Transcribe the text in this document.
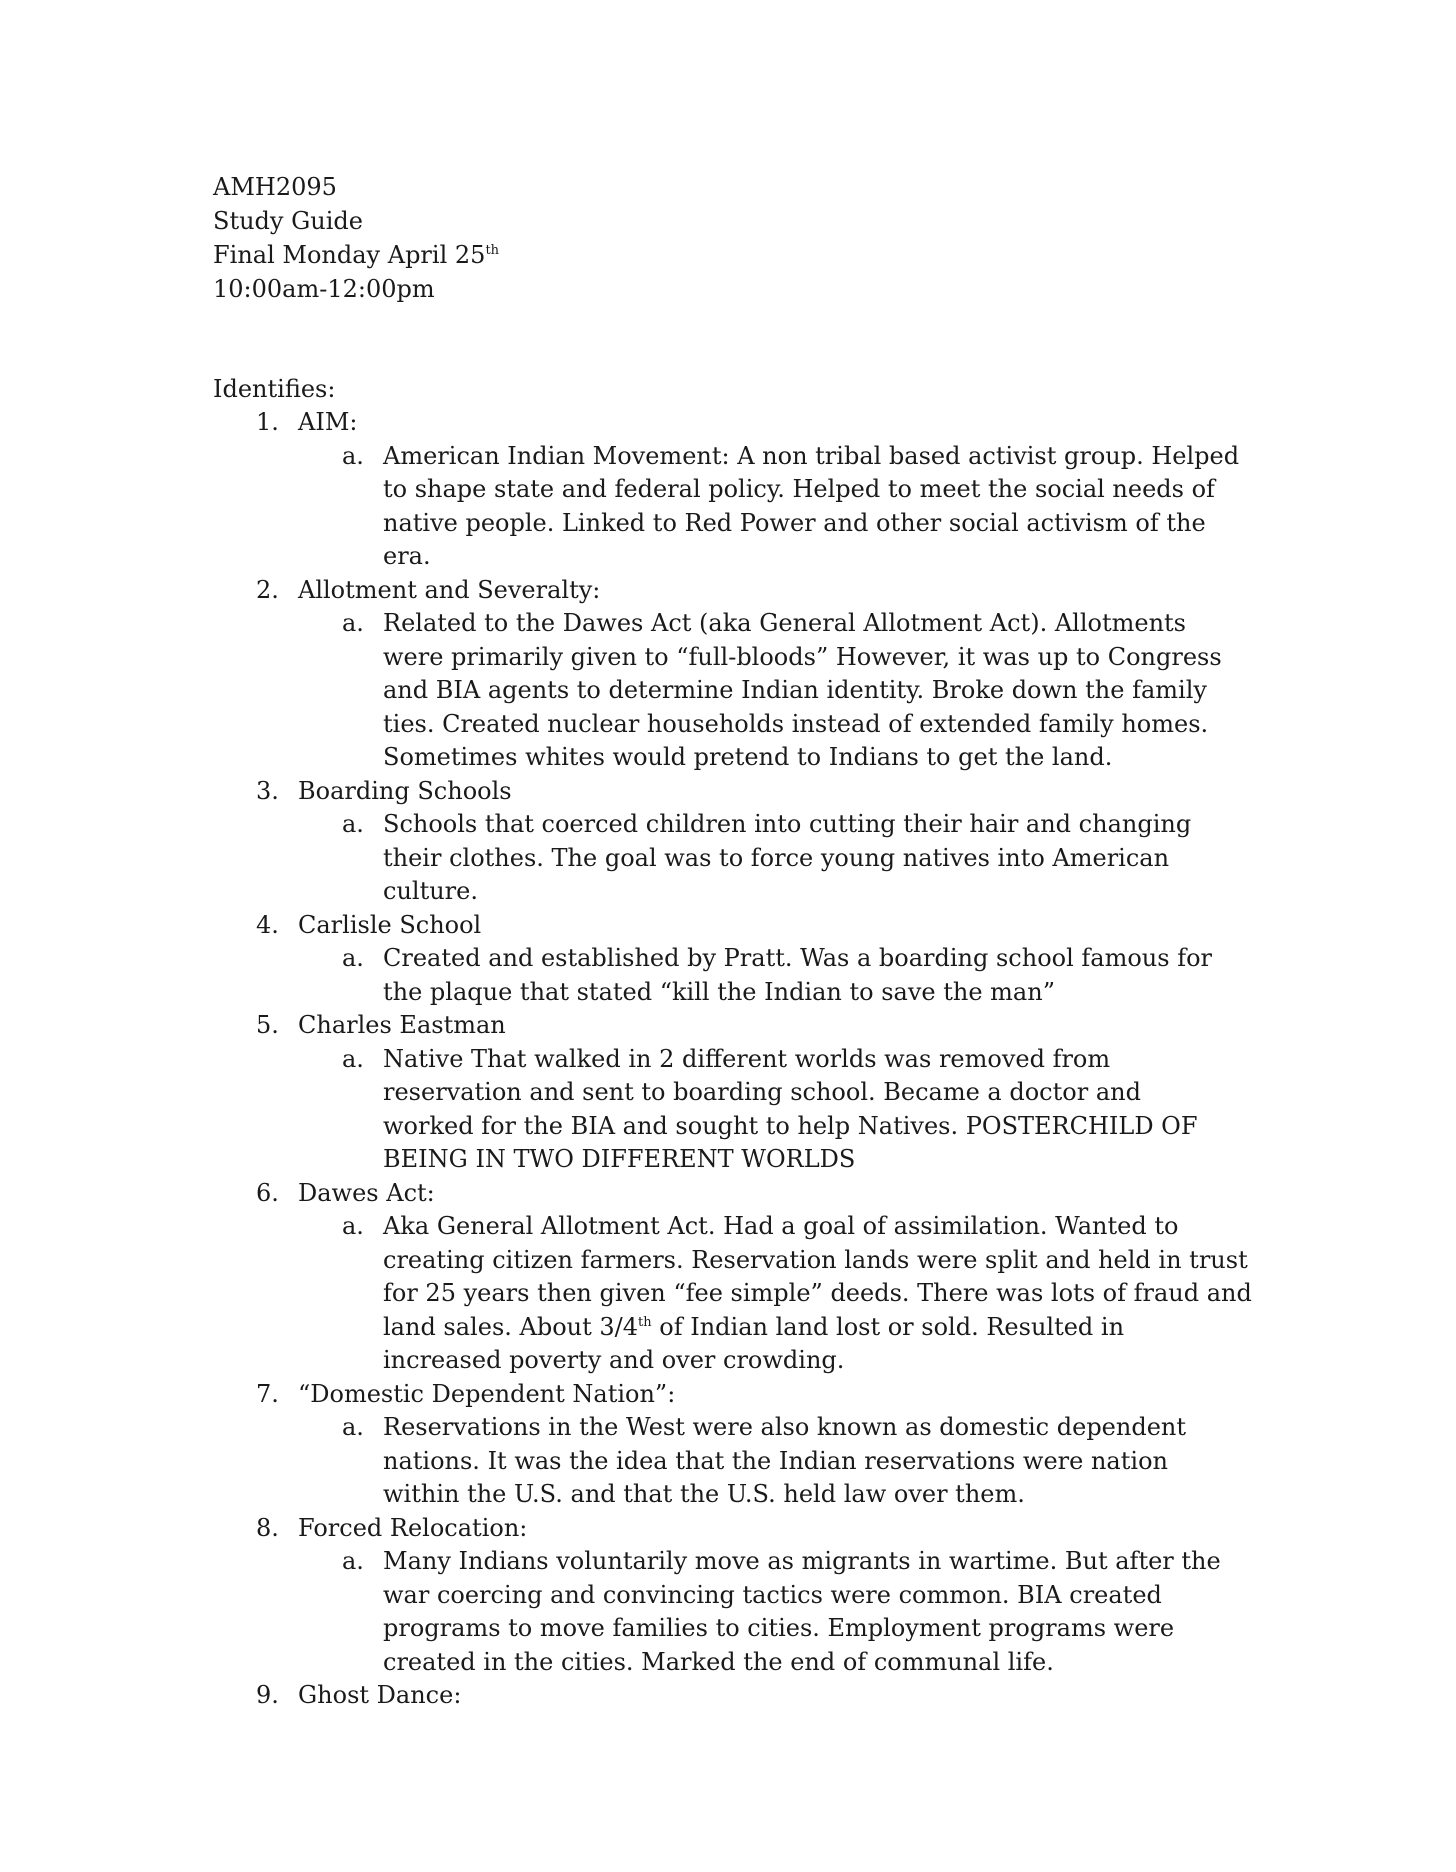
AMH2095
Study Guide
Final Monday April 25th
10:00am-12:00pm
Identifies:
1. AIM:
a. American Indian Movement: A non tribal based activist group. Helped
to shape state and federal policy. Helped to meet the social needs of
native people. Linked to Red Power and other social activism of the
era.
2. Allotment and Severalty:
a. Related to the Dawes Act (aka General Allotment Act). Allotments
were primarily given to “full-bloods” However, it was up to Congress
and BIA agents to determine Indian identity. Broke down the family
ties. Created nuclear households instead of extended family homes.
Sometimes whites would pretend to Indians to get the land.
3. Boarding Schools
a. Schools that coerced children into cutting their hair and changing
their clothes. The goal was to force young natives into American
culture.
4. Carlisle School
a. Created and established by Pratt. Was a boarding school famous for
the plaque that stated “kill the Indian to save the man”
5. Charles Eastman
a. Native That walked in 2 different worlds was removed from
reservation and sent to boarding school. Became a doctor and
worked for the BIA and sought to help Natives. POSTERCHILD OF
BEING IN TWO DIFFERENT WORLDS
6. Dawes Act:
a. Aka General Allotment Act. Had a goal of assimilation. Wanted to
creating citizen farmers. Reservation lands were split and held in trust
for 25 years then given “fee simple” deeds. There was lots of fraud and
land sales. About 3/4th of Indian land lost or sold. Resulted in
increased poverty and over crowding.
7. “Domestic Dependent Nation”:
a. Reservations in the West were also known as domestic dependent
nations. It was the idea that the Indian reservations were nation
within the U.S. and that the U.S. held law over them.
8. Forced Relocation:
a. Many Indians voluntarily move as migrants in wartime. But after the
war coercing and convincing tactics were common. BIA created
programs to move families to cities. Employment programs were
created in the cities. Marked the end of communal life.
9. Ghost Dance:
